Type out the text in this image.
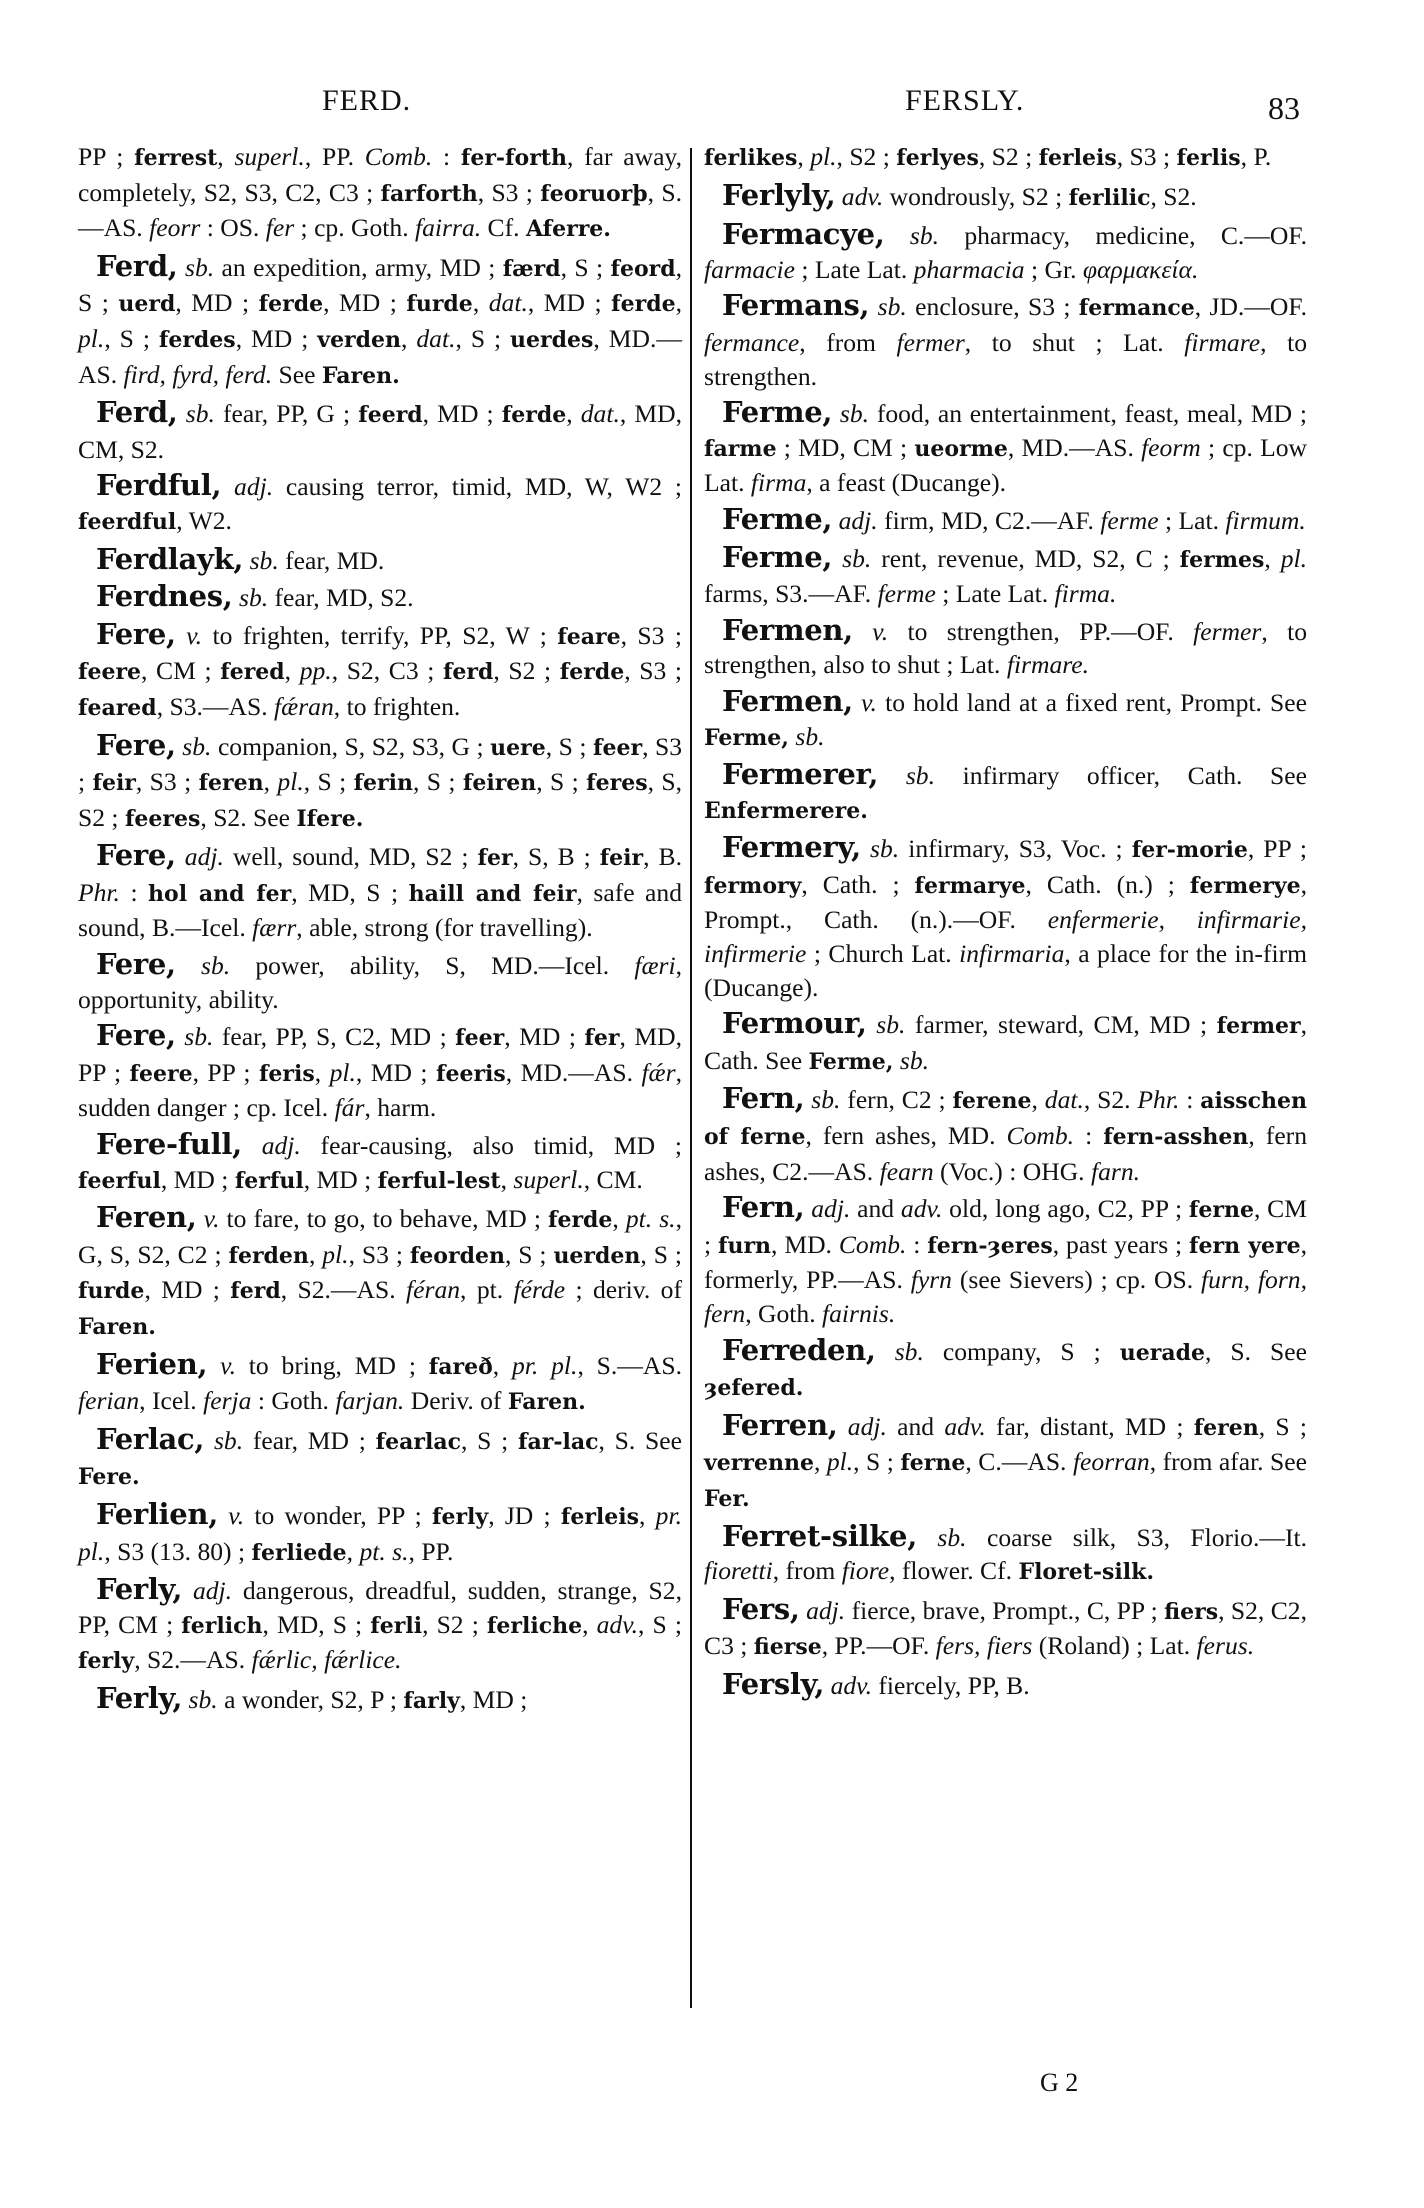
FERD.	FERSLY.	83

PP ; ferrest, superl., PP. Comb. : fer-forth, far away, completely, S2, S3, C2, C3 ; farforth, S3 ; feoruorþ, S.—AS. feorr : OS. fer ; cp. Goth. fairra. Cf. Aferre.

Ferd, sb. an expedition, army, MD ; færd, S ; feord, S ; uerd, MD ; ferde, MD ; furde, dat., MD ; ferde, pl., S ; ferdes, MD ; verden, dat., S ; uerdes, MD.—AS. fird, fyrd, ferd. See Faren.

Ferd, sb. fear, PP, G ; feerd, MD ; ferde, dat., MD, CM, S2.

Ferdful, adj. causing terror, timid, MD, W, W2 ; feerdful, W2.

Ferdlayk, sb. fear, MD.

Ferdnes, sb. fear, MD, S2.

Fere, v. to frighten, terrify, PP, S2, W ; feare, S3 ; feere, CM ; fered, pp., S2, C3 ; ferd, S2 ; ferde, S3 ; feared, S3.—AS. fǽran, to frighten.

Fere, sb. companion, S, S2, S3, G ; uere, S ; feer, S3 ; feir, S3 ; feren, pl., S ; ferin, S ; feiren, S ; feres, S, S2 ; feeres, S2. See Ifere.

Fere, adj. well, sound, MD, S2 ; fer, S, B ; feir, B. Phr. : hol and fer, MD, S ; haill and feir, safe and sound, B.—Icel. færr, able, strong (for travelling).

Fere, sb. power, ability, S, MD.—Icel. færi, opportunity, ability.

Fere, sb. fear, PP, S, C2, MD ; feer, MD ; fer, MD, PP ; feere, PP ; feris, pl., MD ; feeris, MD.—AS. fǽr, sudden danger ; cp. Icel. fár, harm.

Fere-full, adj. fear-causing, also timid, MD ; feerful, MD ; ferful, MD ; ferful-lest, superl., CM.

Feren, v. to fare, to go, to behave, MD ; ferde, pt. s., G, S, S2, C2 ; ferden, pl., S3 ; feorden, S ; uerden, S ; furde, MD ; ferd, S2.—AS. féran, pt. férde ; deriv. of Faren.

Ferien, v. to bring, MD ; fareð, pr. pl., S.—AS. ferian, Icel. ferja : Goth. farjan. Deriv. of Faren.

Ferlac, sb. fear, MD ; fearlac, S ; far-lac, S. See Fere.

Ferlien, v. to wonder, PP ; ferly, JD ; ferleis, pr. pl., S3 (13. 80) ; ferliede, pt. s., PP.

Ferly, adj. dangerous, dreadful, sudden, strange, S2, PP, CM ; ferlich, MD, S ; ferli, S2 ; ferliche, adv., S ; ferly, S2.—AS. fǽrlic, fǽrlice.

Ferly, sb. a wonder, S2, P ; farly, MD ;

ferlikes, pl., S2 ; ferlyes, S2 ; ferleis, S3 ; ferlis, P.

Ferlyly, adv. wondrously, S2 ; ferlilic, S2.

Fermacye, sb. pharmacy, medicine, C.—OF. farmacie ; Late Lat. pharmacia ; Gr. φαρμακεία.

Fermans, sb. enclosure, S3 ; fermance, JD.—OF. fermance, from fermer, to shut ; Lat. firmare, to strengthen.

Ferme, sb. food, an entertainment, feast, meal, MD ; farme ; MD, CM ; ueorme, MD.—AS. feorm ; cp. Low Lat. firma, a feast (Ducange).

Ferme, adj. firm, MD, C2.—AF. ferme ; Lat. firmum.

Ferme, sb. rent, revenue, MD, S2, C ; fermes, pl. farms, S3.—AF. ferme ; Late Lat. firma.

Fermen, v. to strengthen, PP.—OF. fermer, to strengthen, also to shut ; Lat. firmare.

Fermen, v. to hold land at a fixed rent, Prompt. See Ferme, sb.

Fermerer, sb. infirmary officer, Cath. See Enfermerere.

Fermery, sb. infirmary, S3, Voc. ; fer-morie, PP ; fermory, Cath. ; fermarye, Cath. (n.) ; fermerye, Prompt., Cath. (n.).—OF. enfermerie, infirmarie, infirmerie ; Church Lat. infirmaria, a place for the in-firm (Ducange).

Fermour, sb. farmer, steward, CM, MD ; fermer, Cath. See Ferme, sb.

Fern, sb. fern, C2 ; ferene, dat., S2. Phr. : aisschen of ferne, fern ashes, MD. Comb. : fern-asshen, fern ashes, C2.—AS. fearn (Voc.) : OHG. farn.

Fern, adj. and adv. old, long ago, C2, PP ; ferne, CM ; furn, MD. Comb. : fern-ȝeres, past years ; fern yere, formerly, PP.—AS. fyrn (see Sievers) ; cp. OS. furn, forn, fern, Goth. fairnis.

Ferreden, sb. company, S ; uerade, S. See ȝefered.

Ferren, adj. and adv. far, distant, MD ; feren, S ; verrenne, pl., S ; ferne, C.—AS. feorran, from afar. See Fer.

Ferret-silke, sb. coarse silk, S3, Florio.—It. fioretti, from fiore, flower. Cf. Floret-silk.

Fers, adj. fierce, brave, Prompt., C, PP ; fiers, S2, C2, C3 ; fierse, PP.—OF. fers, fiers (Roland) ; Lat. ferus.

Fersly, adv. fiercely, PP, B.

G 2
